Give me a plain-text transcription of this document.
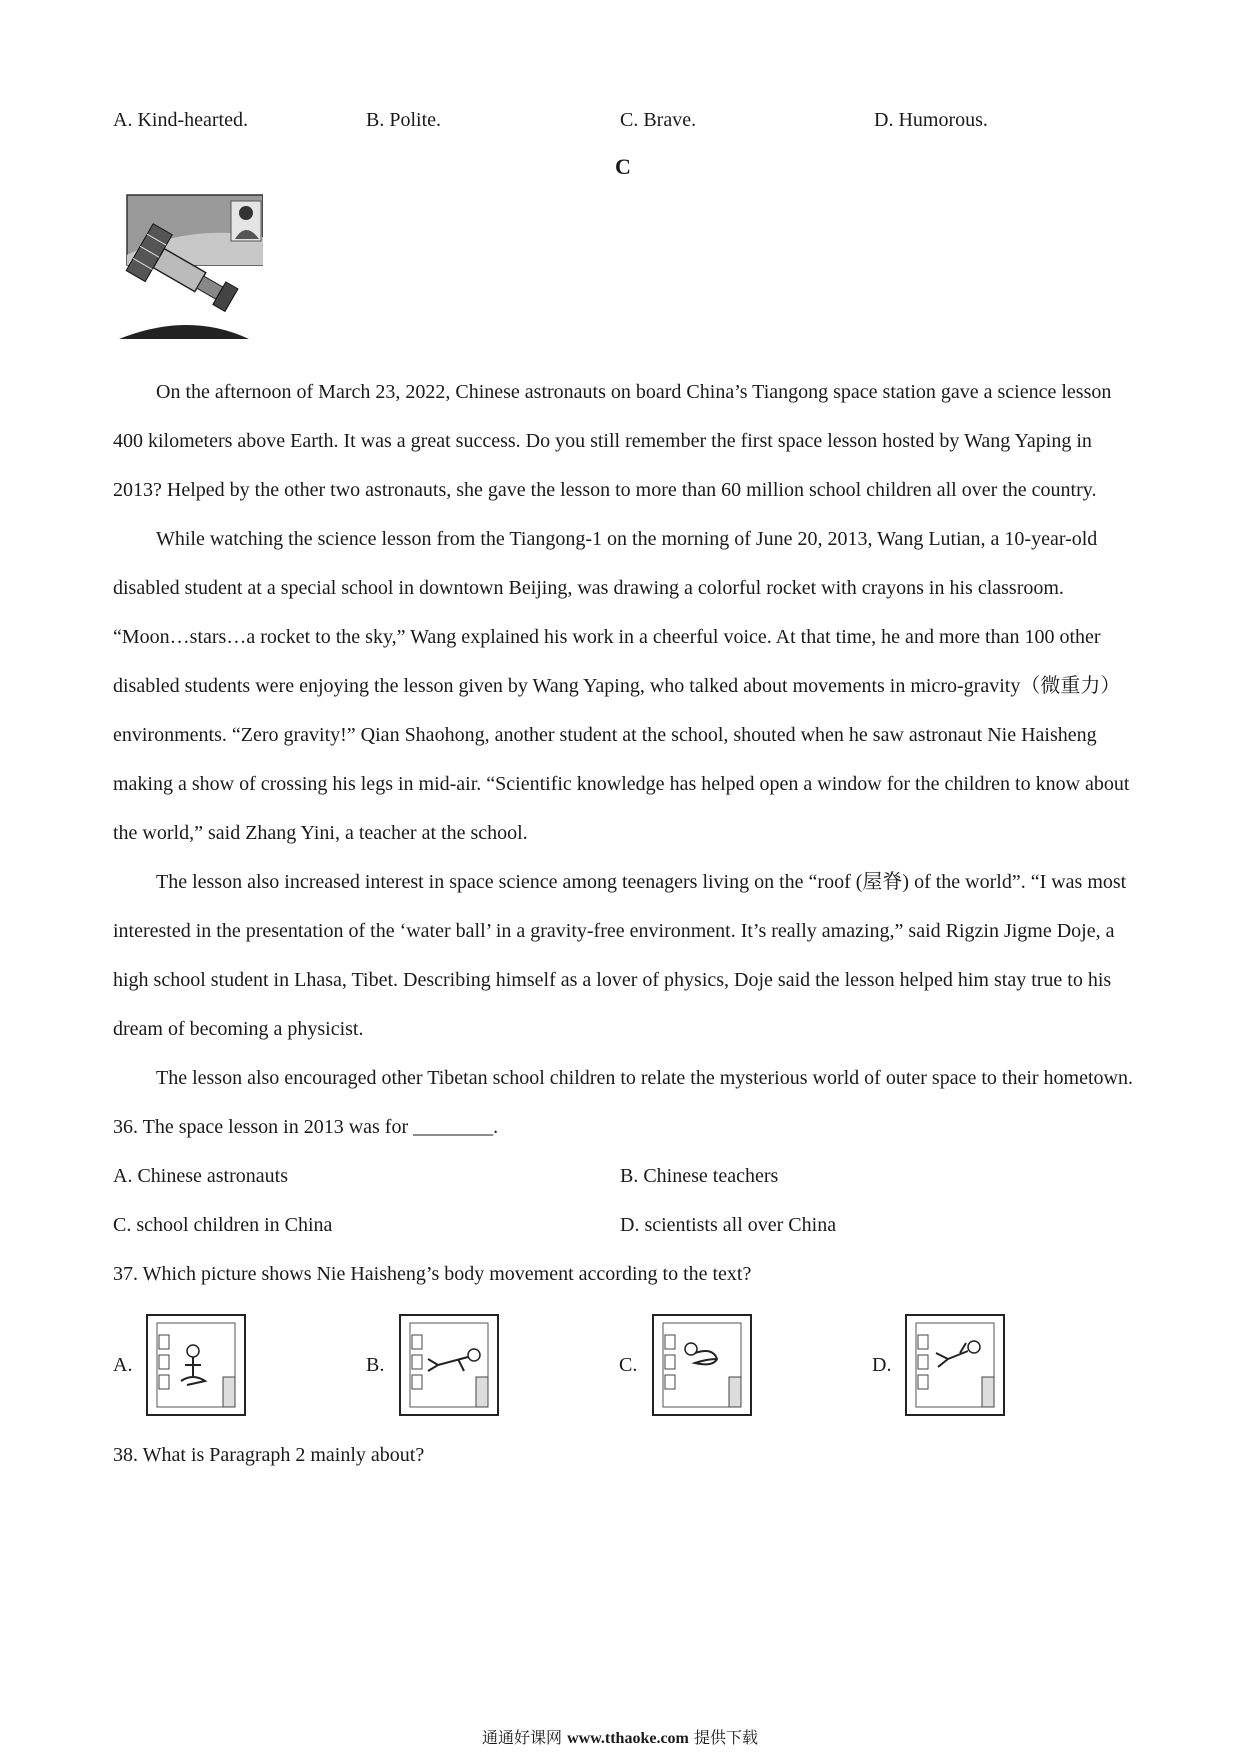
A. Kind-hearted.	B. Polite.	C. Brave.	D. Humorous.
C

On the afternoon of March 23, 2022, Chinese astronauts on board China’s Tiangong space station gave a science lesson 400 kilometers above Earth. It was a great success. Do you still remember the first space lesson hosted by Wang Yaping in 2013? Helped by the other two astronauts, she gave the lesson to more than 60 million school children all over the country.

While watching the science lesson from the Tiangong-1 on the morning of June 20, 2013, Wang Lutian, a 10-year-old disabled student at a special school in downtown Beijing, was drawing a colorful rocket with crayons in his classroom. “Moon…stars…a rocket to the sky,” Wang explained his work in a cheerful voice. At that time, he and more than 100 other disabled students were enjoying the lesson given by Wang Yaping, who talked about movements in micro-gravity（微重力）environments. “Zero gravity!” Qian Shaohong, another student at the school, shouted when he saw astronaut Nie Haisheng making a show of crossing his legs in mid-air. “Scientific knowledge has helped open a window for the children to know about the world,” said Zhang Yini, a teacher at the school.

The lesson also increased interest in space science among teenagers living on the “roof (屋脊) of the world”. “I was most interested in the presentation of the ‘water ball’ in a gravity-free environment. It’s really amazing,” said Rigzin Jigme Doje, a high school student in Lhasa, Tibet. Describing himself as a lover of physics, Doje said the lesson helped him stay true to his dream of becoming a physicist.

The lesson also encouraged other Tibetan school children to relate the mysterious world of outer space to their hometown.

36. The space lesson in 2013 was for ________.
A. Chinese astronauts	B. Chinese teachers
C. school children in China	D. scientists all over China
37. Which picture shows Nie Haisheng’s body movement according to the text?
A.	B.	C.	D.
38. What is Paragraph 2 mainly about?
通通好课网 www.tthaoke.com 提供下载
